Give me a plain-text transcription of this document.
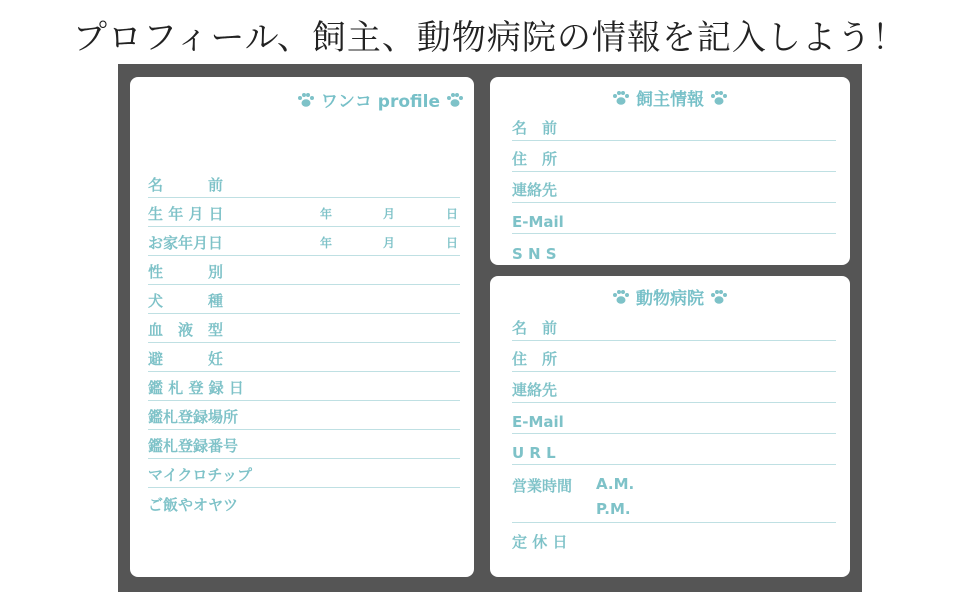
プロフィール、飼主、動物病院の情報を記入しよう！
ワンコ profile
名　　　前
生 年 月 日	年	月	日
お家年月日	年	月	日
性　　　別
犬　　　種
血　液　型
避　　　妊
鑑 札 登 録 日
鑑札登録場所
鑑札登録番号
マイクロチップ
ご飯やオヤツ
飼主情報
名　前
住　所
連絡先
E-Mail
S N S
動物病院
名　前
住　所
連絡先
E-Mail
U R L
営業時間 A.M.
P.M.
定 休 日
